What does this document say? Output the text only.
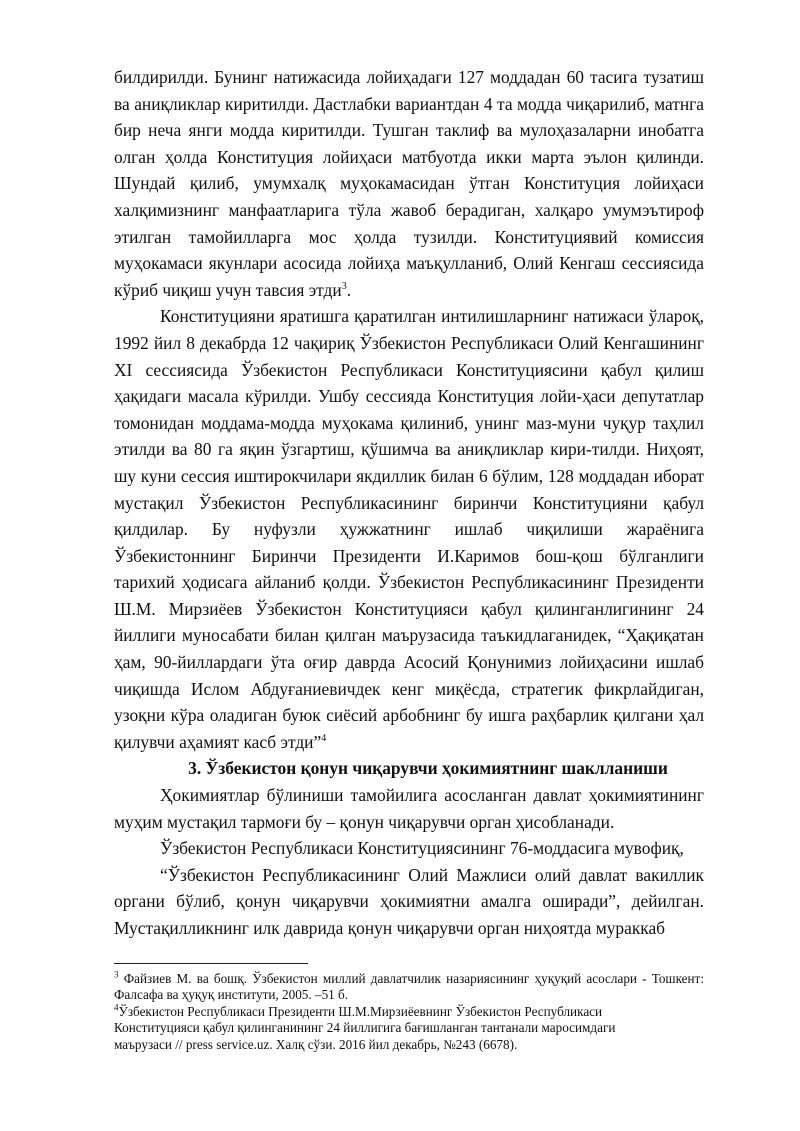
билдирилди. Бунинг натижасида лойиҳадаги 127 моддадан 60 тасига тузатиш ва аниқликлар киритилди. Дастлабки вариантдан 4 та модда чиқарилиб, матнга бир неча янги модда киритилди. Тушган таклиф ва мулоҳазаларни инобатга олган ҳолда Конституция лойиҳаси матбуотда икки марта эълон қилинди. Шундай қилиб, умумхалқ муҳокамасидан ўтган Конституция лойиҳаси халқимизнинг манфаатларига тўла жавоб берадиган, халқаро умумэътироф этилган тамойилларга мос ҳолда тузилди. Конституциявий комиссия муҳокамаси якунлари асосида лойиҳа маъқулланиб, Олий Кенгаш сессиясида кўриб чиқиш учун тавсия этди$^3$.

Конституцияни яратишга қаратилган интилишларнинг натижаси ўлароқ, 1992 йил 8 декабрда 12 чақириқ Ўзбекистон Республикаси Олий Кенгашининг XI сессиясида Ўзбекистон Республикаси Конституциясини қабул қилиш ҳақидаги масала кўрилди. Ушбу сессияда Конституция лойи-ҳаси депутатлар томонидан моддама-модда муҳокама қилиниб, унинг маз-муни чуқур таҳлил этилди ва 80 га яқин ўзгартиш, қўшимча ва аниқликлар кири-тилди. Ниҳоят, шу куни сессия иштирокчилари якдиллик билан 6 бўлим, 128 моддадан иборат мустақил Ўзбекистон Республикасининг биринчи Конституцияни қабул қилдилар. Бу нуфузли ҳужжатнинг ишлаб чиқилиши жараёнига Ўзбекистоннинг Биринчи Президенти И.Каримов бош-қош бўлганлиги тарихий ҳодисага айланиб қолди. Ўзбекистон Республикасининг Президенти Ш.М. Мирзиёев Ўзбекистон Конституцияси қабул қилинганлигининг 24 йиллиги муносабати билан қилган маърузасида таъкидлаганидек, “Ҳақиқатан ҳам, 90-йиллардаги ўта оғир даврда Асосий Қонунимиз лойиҳасини ишлаб чиқишда Ислом Абдуғаниевичдек кенг миқёсда, стратегик фикрлайдиган, узоқни кўра оладиган буюк сиёсий арбобнинг бу ишга раҳбарлик қилгани ҳал қилувчи аҳамият касб этди”$^4$

3. Ўзбекистон қонун чиқарувчи ҳокимиятнинг шаклланиши

Ҳокимиятлар бўлиниши тамойилига асосланган давлат ҳокимиятининг муҳим мустақил тармоғи бу – қонун чиқарувчи орган ҳисобланади.

Ўзбекистон Республикаси Конституциясининг 76-моддасига мувофиқ,

“Ўзбекистон Республикасининг Олий Мажлиси олий давлат вакиллик органи бўлиб, қонун чиқарувчи ҳокимиятни амалга оширади”, дейилган. Мустақилликнинг илк даврида қонун чиқарувчи орган ниҳоятда мураккаб

$^3$ Файзиев М. ва бошқ. Ўзбекистон миллий давлатчилик назариясининг ҳуқуқий асослари - Тошкент: Фалсафа ва ҳуқуқ институти, 2005. –51 б.

$^4$Ўзбекистон Республикаси Президенти Ш.М.Мирзиёевнинг Ўзбекистон Республикаси
Конституцияси қабул қилинганининг 24 йиллигига бағишланган тантанали маросимдаги
маърузаси // press service.uz. Халқ сўзи. 2016 йил декабрь, №243 (6678).
